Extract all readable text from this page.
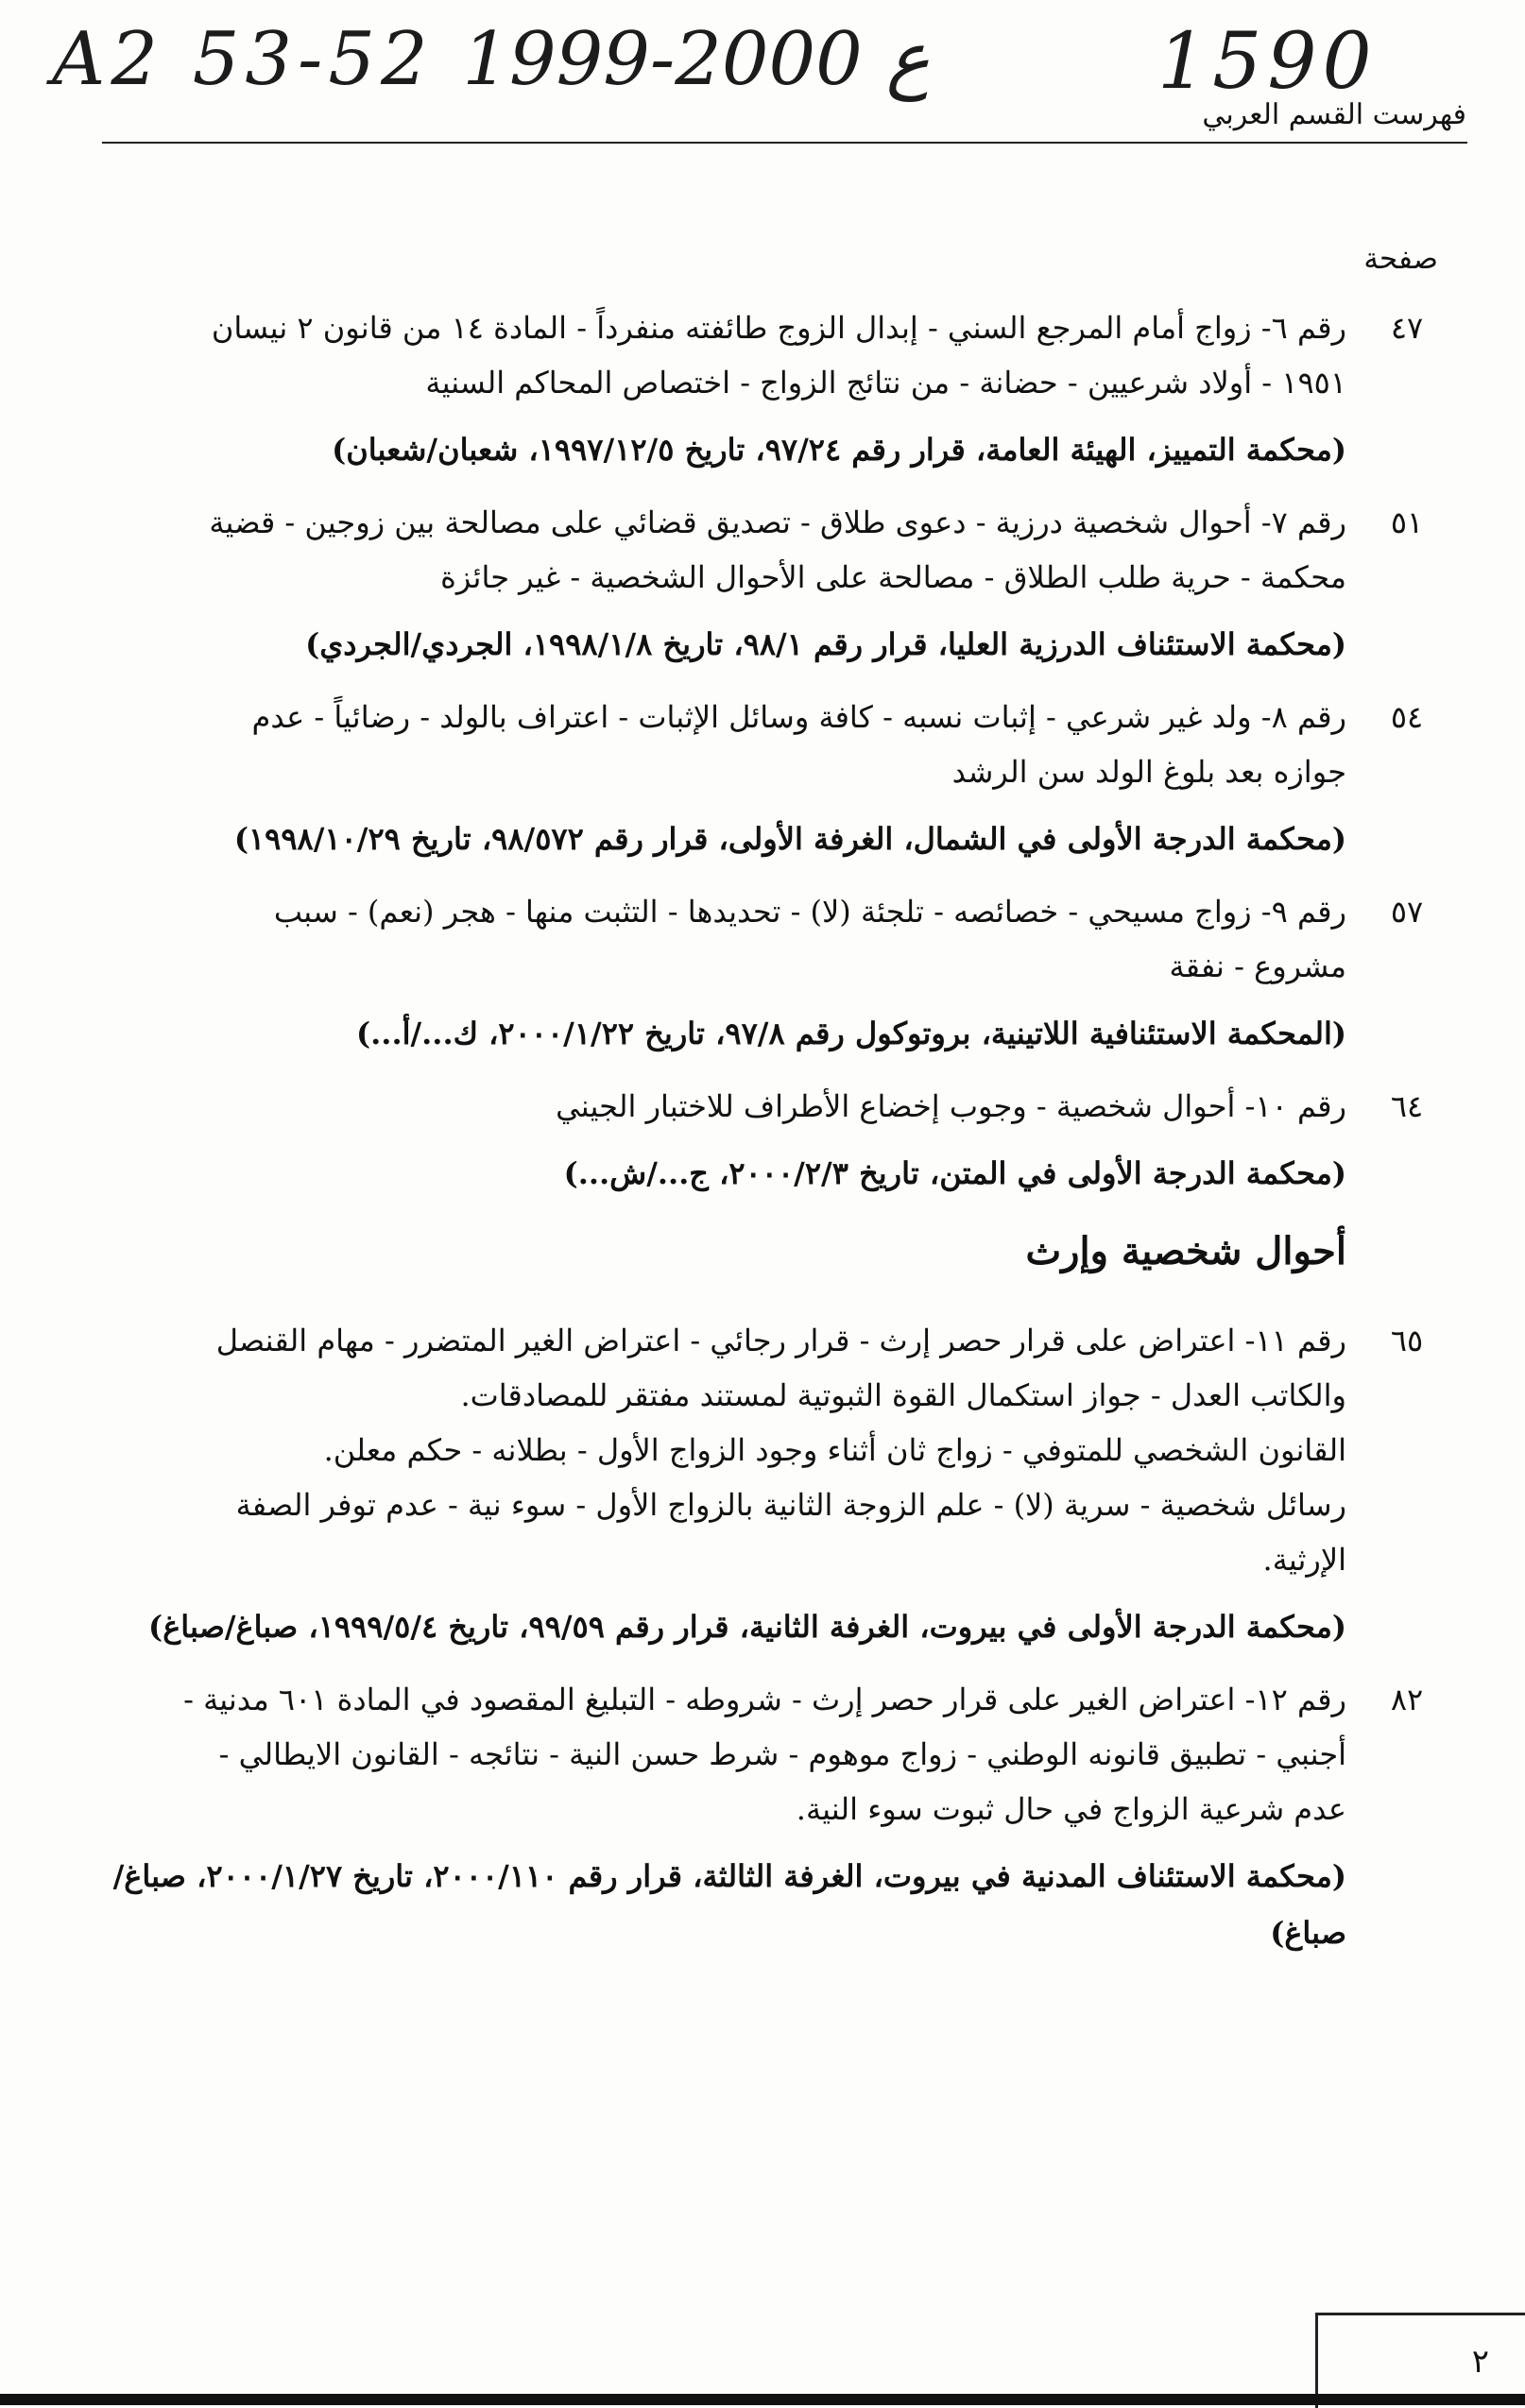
A2 53-52 ع 2000-1999	1590
فهرست القسم العربي
صفحة
٤٧
رقم ٦- زواج أمام المرجع السني - إبدال الزوج طائفته منفرداً - المادة ١٤ من قانون ٢ نيسان
١٩٥١ - أولاد شرعيين - حضانة - من نتائج الزواج - اختصاص المحاكم السنية
(محكمة التمييز، الهيئة العامة، قرار رقم ٩٧/٢٤، تاريخ ١٩٩٧/١٢/٥، شعبان/شعبان)
٥١
رقم ٧- أحوال شخصية درزية - دعوى طلاق - تصديق قضائي على مصالحة بين زوجين - قضية
محكمة - حرية طلب الطلاق - مصالحة على الأحوال الشخصية - غير جائزة
(محكمة الاستئناف الدرزية العليا، قرار رقم ٩٨/١، تاريخ ١٩٩٨/١/٨، الجردي/الجردي)
٥٤
رقم ٨- ولد غير شرعي - إثبات نسبه - كافة وسائل الإثبات - اعتراف بالولد - رضائياً - عدم
جوازه بعد بلوغ الولد سن الرشد
(محكمة الدرجة الأولى في الشمال، الغرفة الأولى، قرار رقم ٩٨/٥٧٢، تاريخ ١٩٩٨/١٠/٢٩)
٥٧
رقم ٩- زواج مسيحي - خصائصه - تلجئة (لا) - تحديدها - التثبت منها - هجر (نعم) - سبب
مشروع - نفقة
(المحكمة الاستئنافية اللاتينية، بروتوكول رقم ٩٧/٨، تاريخ ٢٠٠٠/١/٢٢، ك.../أ...)
٦٤
رقم ١٠- أحوال شخصية - وجوب إخضاع الأطراف للاختبار الجيني
(محكمة الدرجة الأولى في المتن، تاريخ ٢٠٠٠/٢/٣، ج.../ش...)
أحوال شخصية وإرث
٦٥
رقم ١١- اعتراض على قرار حصر إرث - قرار رجائي - اعتراض الغير المتضرر - مهام القنصل
والكاتب العدل - جواز استكمال القوة الثبوتية لمستند مفتقر للمصادقات.
القانون الشخصي للمتوفي - زواج ثان أثناء وجود الزواج الأول - بطلانه - حكم معلن.
رسائل شخصية - سرية (لا) - علم الزوجة الثانية بالزواج الأول - سوء نية - عدم توفر الصفة
الإرثية.
(محكمة الدرجة الأولى في بيروت، الغرفة الثانية، قرار رقم ٩٩/٥٩، تاريخ ١٩٩٩/٥/٤، صباغ/صباغ)
٨٢
رقم ١٢- اعتراض الغير على قرار حصر إرث - شروطه - التبليغ المقصود في المادة ٦٠١ مدنية -
أجنبي - تطبيق قانونه الوطني - زواج موهوم - شرط حسن النية - نتائجه - القانون الايطالي -
عدم شرعية الزواج في حال ثبوت سوء النية.
(محكمة الاستئناف المدنية في بيروت، الغرفة الثالثة، قرار رقم ٢٠٠٠/١١٠، تاريخ ٢٠٠٠/١/٢٧، صباغ/صباغ)
٢
